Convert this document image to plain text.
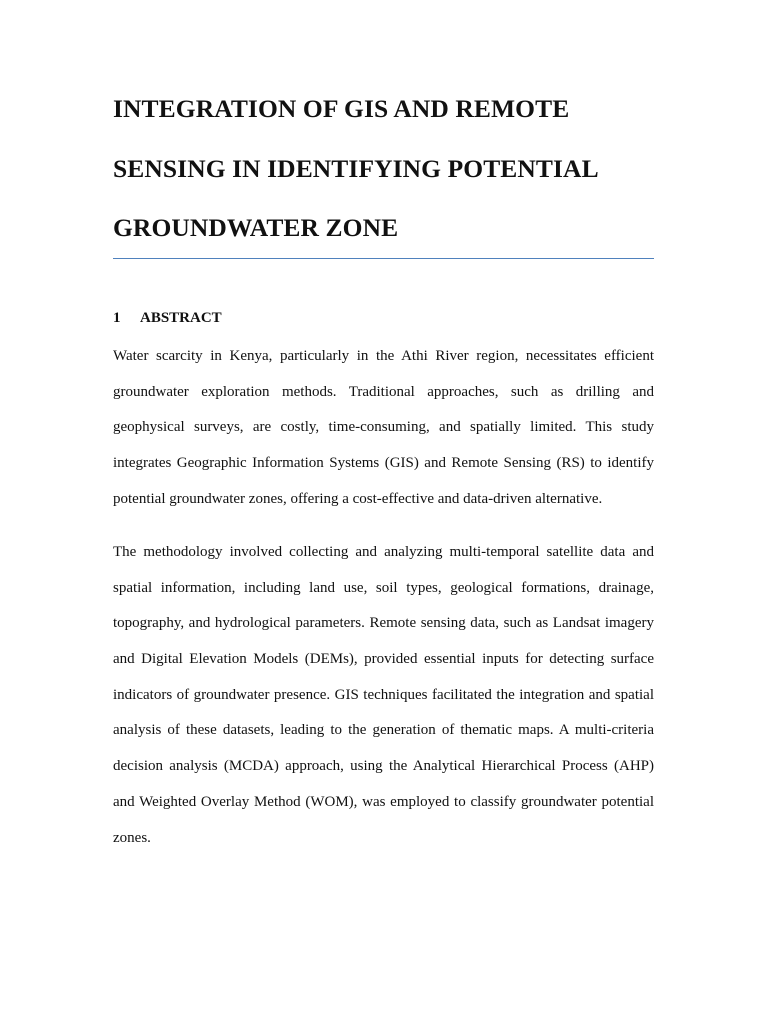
INTEGRATION OF GIS AND REMOTE
SENSING IN IDENTIFYING POTENTIAL
GROUNDWATER ZONE
1 ABSTRACT

Water scarcity in Kenya, particularly in the Athi River region, necessitates efficient
groundwater exploration methods. Traditional approaches, such as drilling and
geophysical surveys, are costly, time-consuming, and spatially limited. This study
integrates Geographic Information Systems (GIS) and Remote Sensing (RS) to identify
potential groundwater zones, offering a cost-effective and data-driven alternative.

The methodology involved collecting and analyzing multi-temporal satellite data and
spatial information, including land use, soil types, geological formations, drainage,
topography, and hydrological parameters. Remote sensing data, such as Landsat imagery
and Digital Elevation Models (DEMs), provided essential inputs for detecting surface
indicators of groundwater presence. GIS techniques facilitated the integration and spatial
analysis of these datasets, leading to the generation of thematic maps. A multi-criteria
decision analysis (MCDA) approach, using the Analytical Hierarchical Process (AHP)
and Weighted Overlay Method (WOM), was employed to classify groundwater potential
zones.
